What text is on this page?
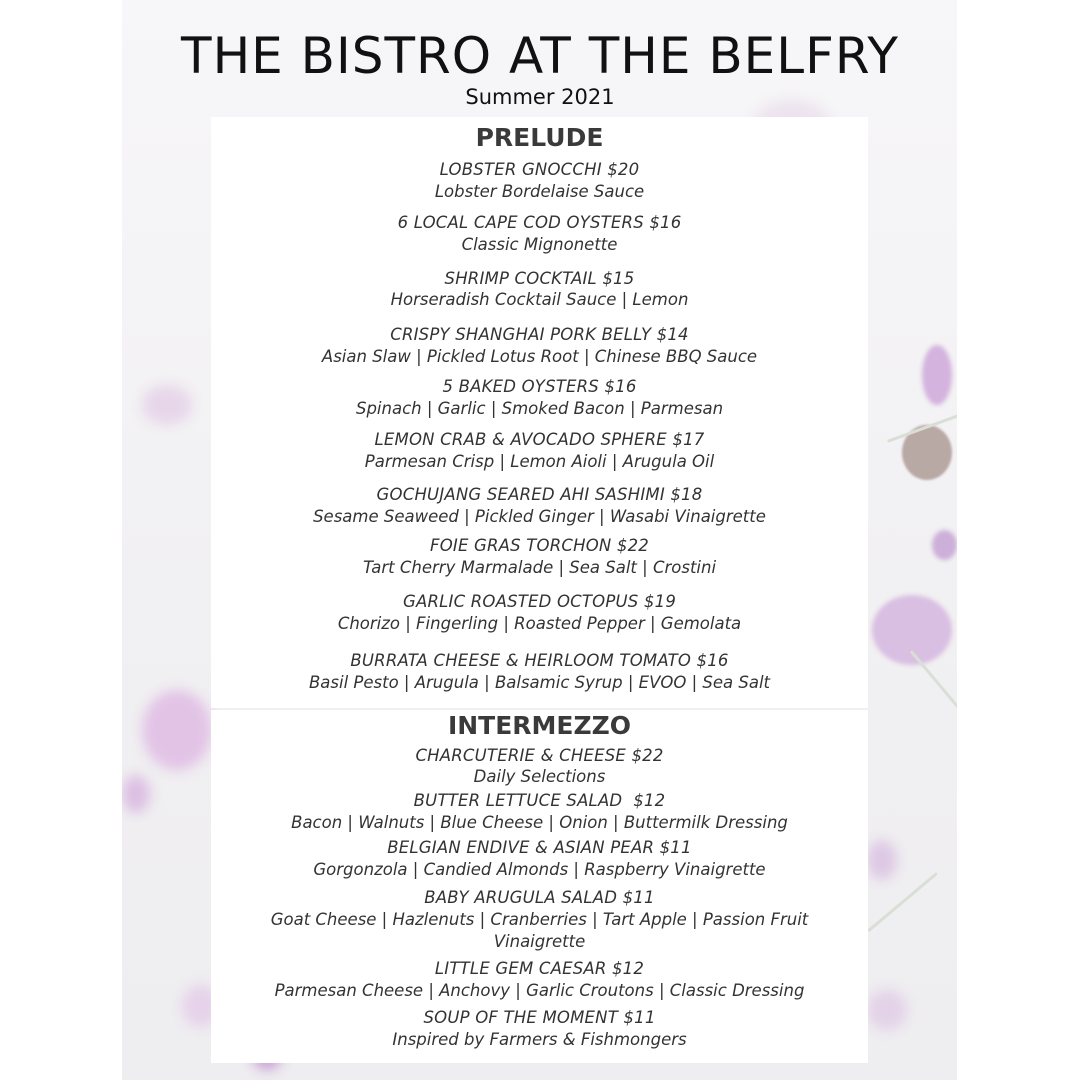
THE BISTRO AT THE BELFRY
Summer 2021
PRELUDE
LOBSTER GNOCCHI $20
Lobster Bordelaise Sauce
6 LOCAL CAPE COD OYSTERS $16
Classic Mignonette
SHRIMP COCKTAIL $15
Horseradish Cocktail Sauce | Lemon
CRISPY SHANGHAI PORK BELLY $14
Asian Slaw | Pickled Lotus Root | Chinese BBQ Sauce
5 BAKED OYSTERS $16
Spinach | Garlic | Smoked Bacon | Parmesan
LEMON CRAB & AVOCADO SPHERE $17
Parmesan Crisp | Lemon Aioli | Arugula Oil
GOCHUJANG SEARED AHI SASHIMI $18
Sesame Seaweed | Pickled Ginger | Wasabi Vinaigrette
FOIE GRAS TORCHON $22
Tart Cherry Marmalade | Sea Salt | Crostini
GARLIC ROASTED OCTOPUS $19
Chorizo | Fingerling | Roasted Pepper | Gemolata
BURRATA CHEESE & HEIRLOOM TOMATO $16
Basil Pesto | Arugula | Balsamic Syrup | EVOO | Sea Salt
INTERMEZZO
CHARCUTERIE & CHEESE $22
Daily Selections
BUTTER LETTUCE SALAD  $12
Bacon | Walnuts | Blue Cheese | Onion | Buttermilk Dressing
BELGIAN ENDIVE & ASIAN PEAR $11
Gorgonzola | Candied Almonds | Raspberry Vinaigrette
BABY ARUGULA SALAD $11
Goat Cheese | Hazlenuts | Cranberries | Tart Apple | Passion Fruit
Vinaigrette
LITTLE GEM CAESAR $12
Parmesan Cheese | Anchovy | Garlic Croutons | Classic Dressing
SOUP OF THE MOMENT $11
Inspired by Farmers & Fishmongers
